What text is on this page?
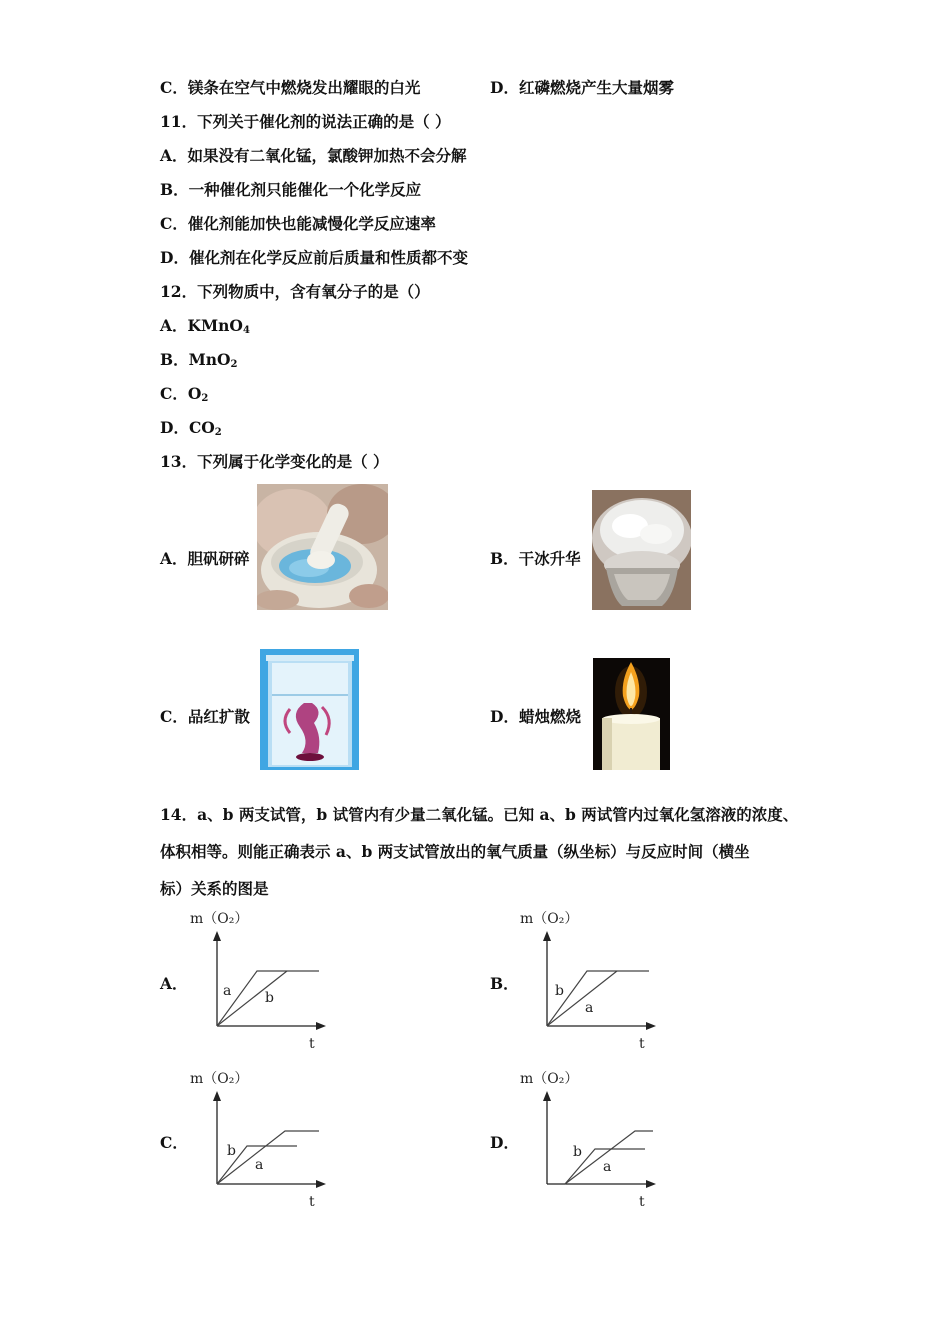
C．镁条在空气中燃烧发出耀眼的白光	D．红磷燃烧产生大量烟雾
11．下列关于催化剂的说法正确的是（ ）
A．如果没有二氧化锰，氯酸钾加热不会分解
B．一种催化剂只能催化一个化学反应
C．催化剂能加快也能减慢化学反应速率
D．催化剂在化学反应前后质量和性质都不变
12．下列物质中，含有氧分子的是（）
A．KMnO$_4$
B．MnO$_2$
C．$O_2$
D．$CO_2$
13．下列属于化学变化的是（ ）
A．胆矾研碎	B．干冰升华
C．品红扩散	D．蜡烛燃烧
14．a、b 两支试管，b 试管内有少量二氧化锰。已知 a、b 两试管内过氧化氢溶液的浓度、
体积相等。则能正确表示 a、b 两支试管放出的氧气质量（纵坐标）与反应时间（横坐
标）关系的图是
A．
m（O₂）
a b
t
B．
m（O₂）
b
a
t
C．
m（O₂）
b
a
t
D．
m（O₂）
b
a
t
